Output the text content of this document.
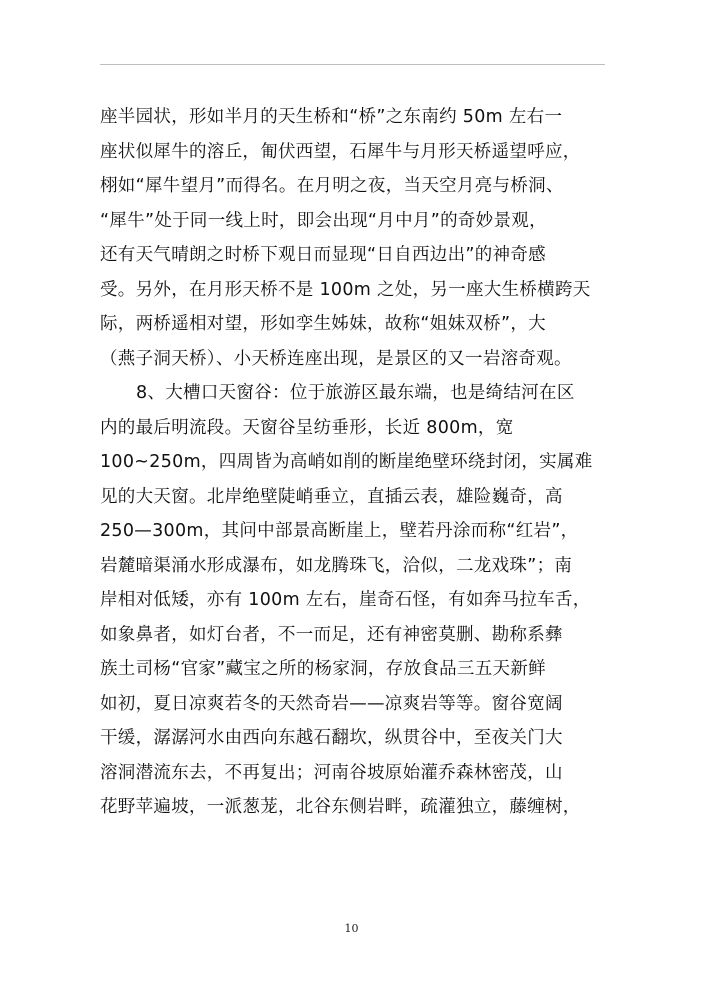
座半园状，形如半月的天生桥和“桥”之东南约 50m 左右一
座状似犀牛的溶丘，匍伏西望，石犀牛与月形天桥遥望呼应，
栩如“犀牛望月”而得名。在月明之夜，当天空月亮与桥洞、
“犀牛”处于同一线上时，即会出现“月中月”的奇妙景观，
还有天气晴朗之时桥下观日而显现“日自西边出”的神奇感
受。另外，在月形天桥不是 100m 之处，另一座大生桥横跨天
际，两桥遥相对望，形如孪生姊妹，故称“姐妹双桥”，大
（燕子洞天桥）、小天桥连座出现，是景区的又一岩溶奇观。
8、大槽口天窗谷：位于旅游区最东端，也是绮结河在区
内的最后明流段。天窗谷呈纺垂形，长近 800m，宽
100~250m，四周皆为高峭如削的断崖绝壁环绕封闭，实属难
见的大天窗。北岸绝壁陡峭垂立，直插云表，雄险巍奇，高
250—300m，其问中部景高断崖上，壁若丹涂而称“红岩”，
岩麓暗渠涌水形成瀑布，如龙腾珠飞，洽似，二龙戏珠”；南
岸相对低矮，亦有 100m 左右，崖奇石怪，有如奔马拉车舌，
如象鼻者，如灯台者，不一而足，还有神密莫删、勘称系彝
族土司杨“官家”藏宝之所的杨家洞，存放食品三五天新鲜
如初，夏日凉爽若冬的天然奇岩——凉爽岩等等。窗谷宽阔
干缓，潺潺河水由西向东越石翻坎，纵贯谷中，至夜关门大
溶洞潜流东去，不再复出；河南谷坡原始灌乔森林密茂，山
花野苹遍坡，一派葱茏，北谷东侧岩畔，疏灌独立，藤缠树，
10
